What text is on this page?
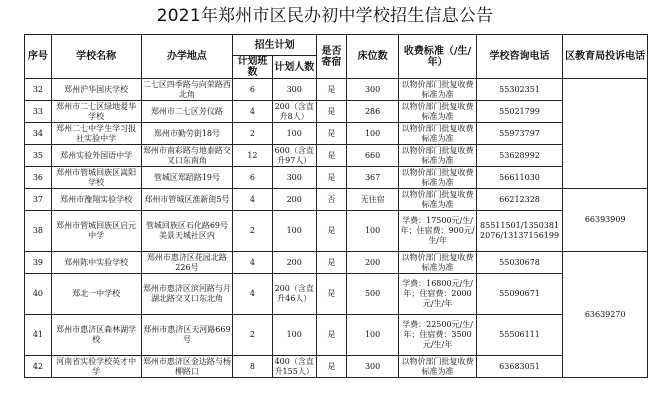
2021年郑州市区民办初中学校招生信息公告
序号	学校名称	办学地点	招生计划		是否寄宿	床位数	收费标准（/生/年）	学校咨询电话	区教育局投诉电话
			计划班数	计划人数					
32	郑州沪华国庆学校	二七区四季路与向荣路西北角	6	300	是	300	以物价部门批复收费标准为准	55302351	
33	郑州市二七区绿地爱华学校	郑州市二七区芳仪路	4	200（含直升8人）	是	286	以物价部门批复收费标准为准	55021799	
34	郑州二七中学生学习报社实验中学	郑州市勤劳街18号	2	100	是	100	以物价部门批复收费标准为准	55973797	
35	郑州实验外国语中学	郑州市南彩路与地泰路交叉口东南角	12	600（含直升97人）	是	660	以物价部门批复收费标准为准	53628992	
36	郑州市管城回族区嵩阳学校	管城区郑蹈路19号	6	300	是	367	以物价部门批复收费标准为准	56611030	
37	郑州市豫翔实验学校	郑州市管城区淮新街5号	4	200	否	无住宿	以物价部门批复收费标准为准	66212328	66393909
38	郑州市管城回族区启元中学	管城回族区石化路69号美景天城社区内	2	100	是	100	学费：17500元/生/年；住宿费：900元/生/年	85511501/13503812076/13137156199	
39	郑州陈中实验学校	郑州市惠济区花园北路226号	4	200	是	200	以物价部门批复收费标准为准	55030678	63639270
40	郑北一中学校	郑州市惠济区滨河路与月湖北路交叉口东北角	4	200（含直升46人）	是	500	学费：16800元/生/年；住宿费：2000元/生/年	55090671	
41	郑州市惠济区森林湖学校	郑州市惠济区天河路669号	2	100	是	100	学费：22500元/生/年；住宿费：3500元/生/年	55506111	
42	河南省实验学校英才中学	郑州市惠济区金达路与杨柳路口	8	400（含直升155人）	是	300	以物价部门批复收费标准为准	63683051	
